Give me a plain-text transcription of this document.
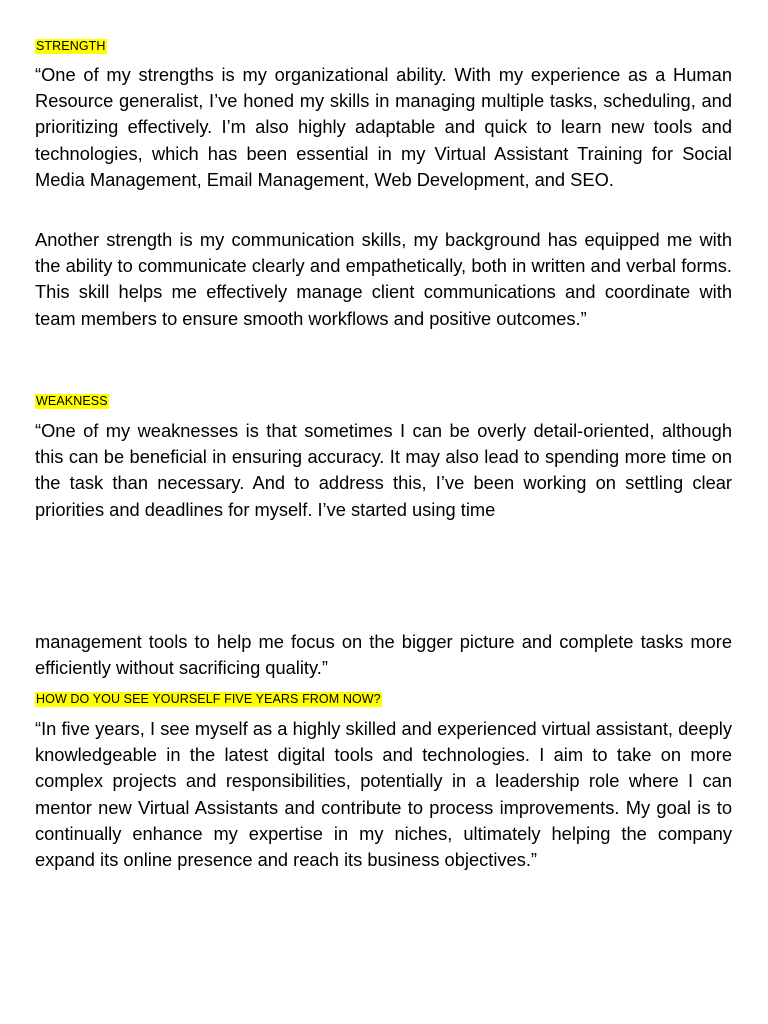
STRENGTH

“One of my strengths is my organizational ability. With my experience as a Human Resource generalist, I’ve honed my skills in managing multiple tasks, scheduling, and prioritizing effectively. I’m also highly adaptable and quick to learn new tools and technologies, which has been essential in my Virtual Assistant Training for Social Media Management, Email Management, Web Development, and SEO.

Another strength is my communication skills, my background has equipped me with the ability to communicate clearly and empathetically, both in written and verbal forms. This skill helps me effectively manage client communications and coordinate with team members to ensure smooth workflows and positive outcomes.”

WEAKNESS

“One of my weaknesses is that sometimes I can be overly detail-oriented, although this can be beneficial in ensuring accuracy. It may also lead to spending more time on the task than necessary. And to address this, I’ve been working on settling clear priorities and deadlines for myself. I’ve started using time

management tools to help me focus on the bigger picture and complete tasks more efficiently without sacrificing quality.”

HOW DO YOU SEE YOURSELF FIVE YEARS FROM NOW?

“In five years, I see myself as a highly skilled and experienced virtual assistant, deeply knowledgeable in the latest digital tools and technologies. I aim to take on more complex projects and responsibilities, potentially in a leadership role where I can mentor new Virtual Assistants and contribute to process improvements. My goal is to continually enhance my expertise in my niches, ultimately helping the company expand its online presence and reach its business objectives.”
